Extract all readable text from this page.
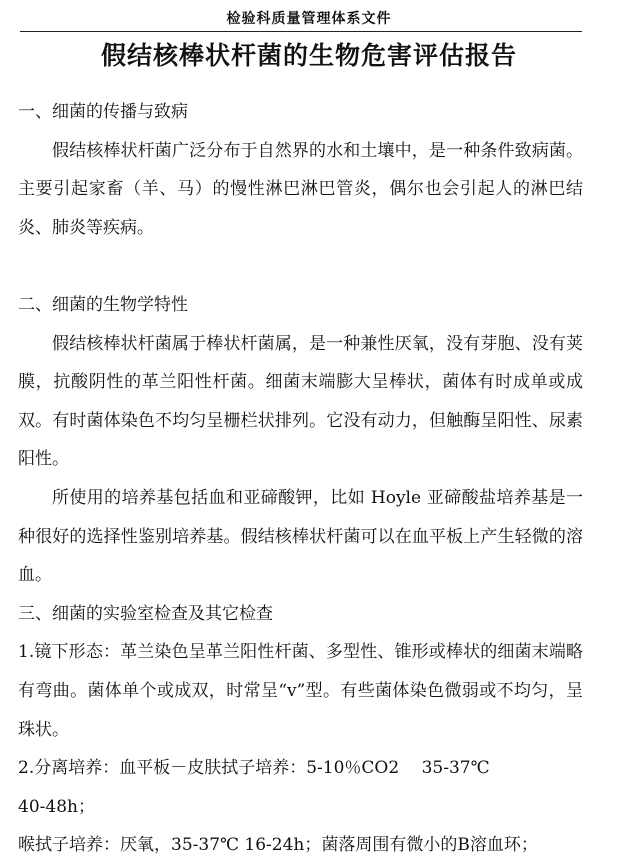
检验科质量管理体系文件
假结核棒状杆菌的生物危害评估报告
一、细菌的传播与致病

假结核棒状杆菌广泛分布于自然界的水和土壤中，是一种条件致病菌。主要引起家畜（羊、马）的慢性淋巴淋巴管炎，偶尔也会引起人的淋巴结炎、肺炎等疾病。

二、细菌的生物学特性

假结核棒状杆菌属于棒状杆菌属，是一种兼性厌氧，没有芽胞、没有荚膜，抗酸阴性的革兰阳性杆菌。细菌末端膨大呈棒状，菌体有时成单或成双。有时菌体染色不均匀呈栅栏状排列。它没有动力，但触酶呈阳性、尿素阳性。

所使用的培养基包括血和亚碲酸钾，比如 Hoyle 亚碲酸盐培养基是一种很好的选择性鉴别培养基。假结核棒状杆菌可以在血平板上产生轻微的溶血。

三、细菌的实验室检查及其它检查

1.镜下形态：革兰染色呈革兰阳性杆菌、多型性、锥形或棒状的细菌末端略有弯曲。菌体单个或成双，时常呈“v”型。有些菌体染色微弱或不均匀，呈珠状。

2.分离培养：血平板－皮肤拭子培养：5-10％CO2　 35-37℃

40-48h；

喉拭子培养：厌氧，35-37℃ 16-24h；菌落周围有微小的B溶血环；
